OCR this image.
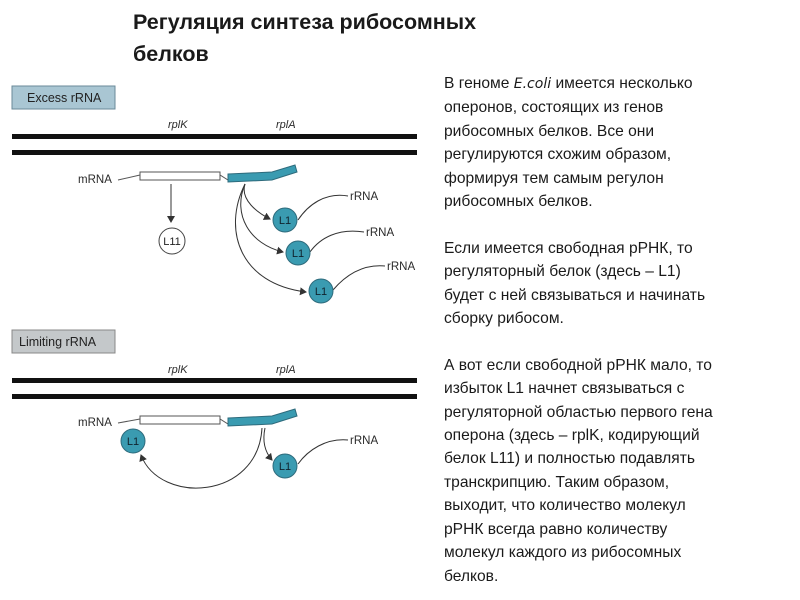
Регуляция синтеза рибосомных
белков
Excess rRNA
rplK	rplA
mRNA
L11
L1
rRNA
L1
rRNA
L1
rRNA
Limiting rRNA
rplK	rplA
mRNA
L1
L1
rRNA

В геноме E.coli имеется несколько
оперонов, состоящих из генов
рибосомных белков. Все они
регулируются схожим образом,
формируя тем самым регулон
рибосомных белков.

Если имеется свободная рРНК, то
регуляторный белок (здесь – L1)
будет с ней связываться и начинать
сборку рибосом.

А вот если свободной рРНК мало, то
избыток L1 начнет связываться с
регуляторной областью первого гена
оперона (здесь – rplK, кодирующий
белок L11) и полностью подавлять
транскрипцию. Таким образом,
выходит, что количество молекул
рРНК всегда равно количеству
молекул каждого из рибосомных
белков.
